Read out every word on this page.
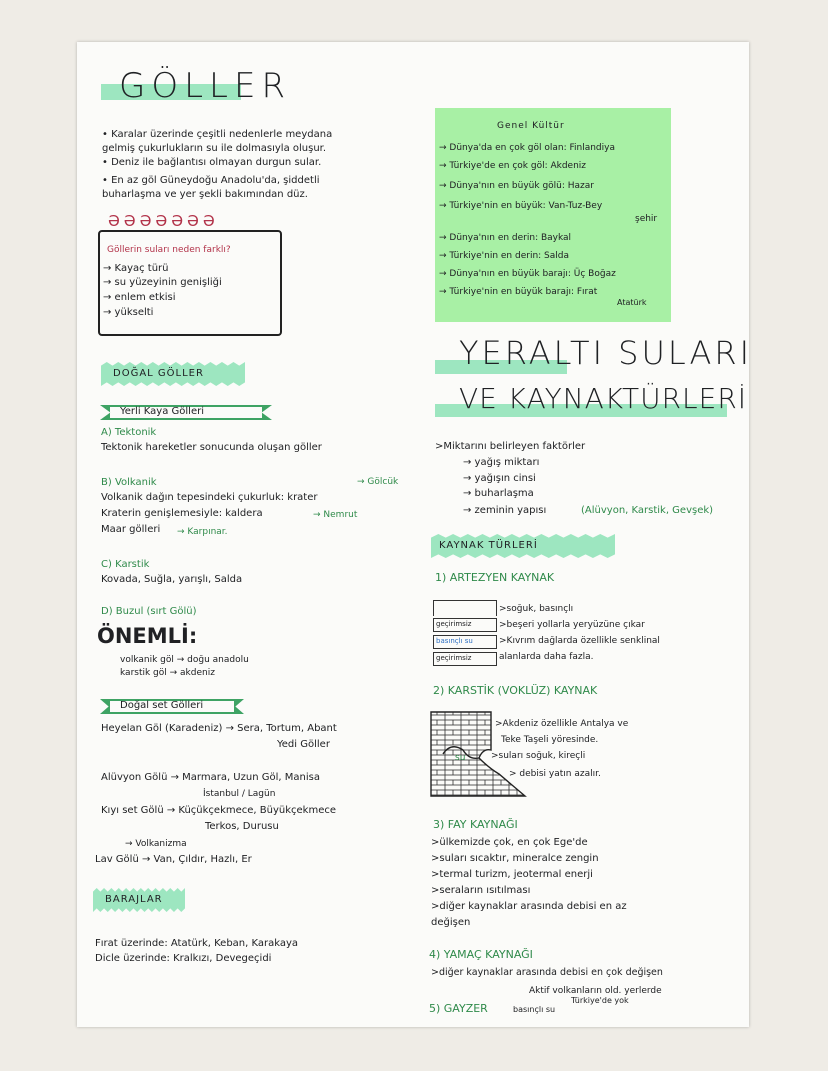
GÖLLER
• Karalar üzerinde çeşitli nedenlerle meydana
gelmiş çukurlukların su ile dolmasıyla oluşur.
• Deniz ile bağlantısı olmayan durgun sular.
• En az göl Güneydoğu Anadolu'da, şiddetli
buharlaşma ve yer şekli bakımından düz.
ƏƏƏƏƏƏƏ
Göllerin suları neden farklı?
→ Kayaç türü
→ su yüzeyinin genişliği
→ enlem etkisi
→ yükselti
DOĞAL GÖLLER
Yerli Kaya Gölleri
A) Tektonik
Tektonik hareketler sonucunda oluşan göller
→ Gölcük
B) Volkanik
Volkanik dağın tepesindeki çukurluk: krater
Kraterin genişlemesiyle: kaldera	→ Nemrut
Maar gölleri → Karpınar.
C) Karstik
Kovada, Suğla, yarışlı, Salda
D) Buzul (sırt Gölü)
ÖNEMLİ:
volkanik göl → doğu anadolu
karstik göl → akdeniz
Doğal set Gölleri
Heyelan Göl (Karadeniz) → Sera, Tortum, Abant
Yedi Göller
Alüvyon Gölü → Marmara, Uzun Göl, Manisa
İstanbul / Lagün
Kıyı set Gölü → Küçükçekmece, Büyükçekmece
Terkos, Durusu
→ Volkanizma
Lav Gölü → Van, Çıldır, Hazlı, Er
BARAJLAR
Fırat üzerinde: Atatürk, Keban, Karakaya
Dicle üzerinde: Kralkızı, Devegeçidi
Genel Kültür
→ Dünya'da en çok göl olan: Finlandiya
→ Türkiye'de en çok göl: Akdeniz
→ Dünya'nın en büyük gölü: Hazar
→ Türkiye'nin en büyük: Van-Tuz-Bey
şehir
→ Dünya'nın en derin: Baykal
→ Türkiye'nin en derin: Salda
→ Dünya'nın en büyük barajı: Üç Boğaz
→ Türkiye'nin en büyük barajı: Fırat
Atatürk
YERALTI SULARI
VE KAYNAKTÜRLERİ
>Miktarını belirleyen faktörler
→ yağış miktarı
→ yağışın cinsi
→ buharlaşma
→ zeminin yapısı	(Alüvyon, Karstik, Gevşek)
KAYNAK TÜRLERİ
1) ARTEZYEN KAYNAK
geçirimsiz
basınçlı su
geçirimsiz
>soğuk, basınçlı
>beşeri yollarla yeryüzüne çıkar
>Kıvrım dağlarda özellikle senklinal
alanlarda daha fazla.
2) KARSTİK (VOKLÜZ) KAYNAK
su
>Akdeniz özellikle Antalya ve
Teke Taşeli yöresinde.
>suları soğuk, kireçli
> debisi yatın azalır.
3) FAY KAYNAĞI
>ülkemizde çok, en çok Ege'de
>suları sıcaktır, mineralce zengin
>termal turizm, jeotermal enerji
>seraların ısıtılması
>diğer kaynaklar arasında debisi en az
değişen
4) YAMAÇ KAYNAĞI
>diğer kaynaklar arasında debisi en çok değişen
5) GAYZER
Aktif volkanların old. yerlerde
Türkiye'de yok
basınçlı su
